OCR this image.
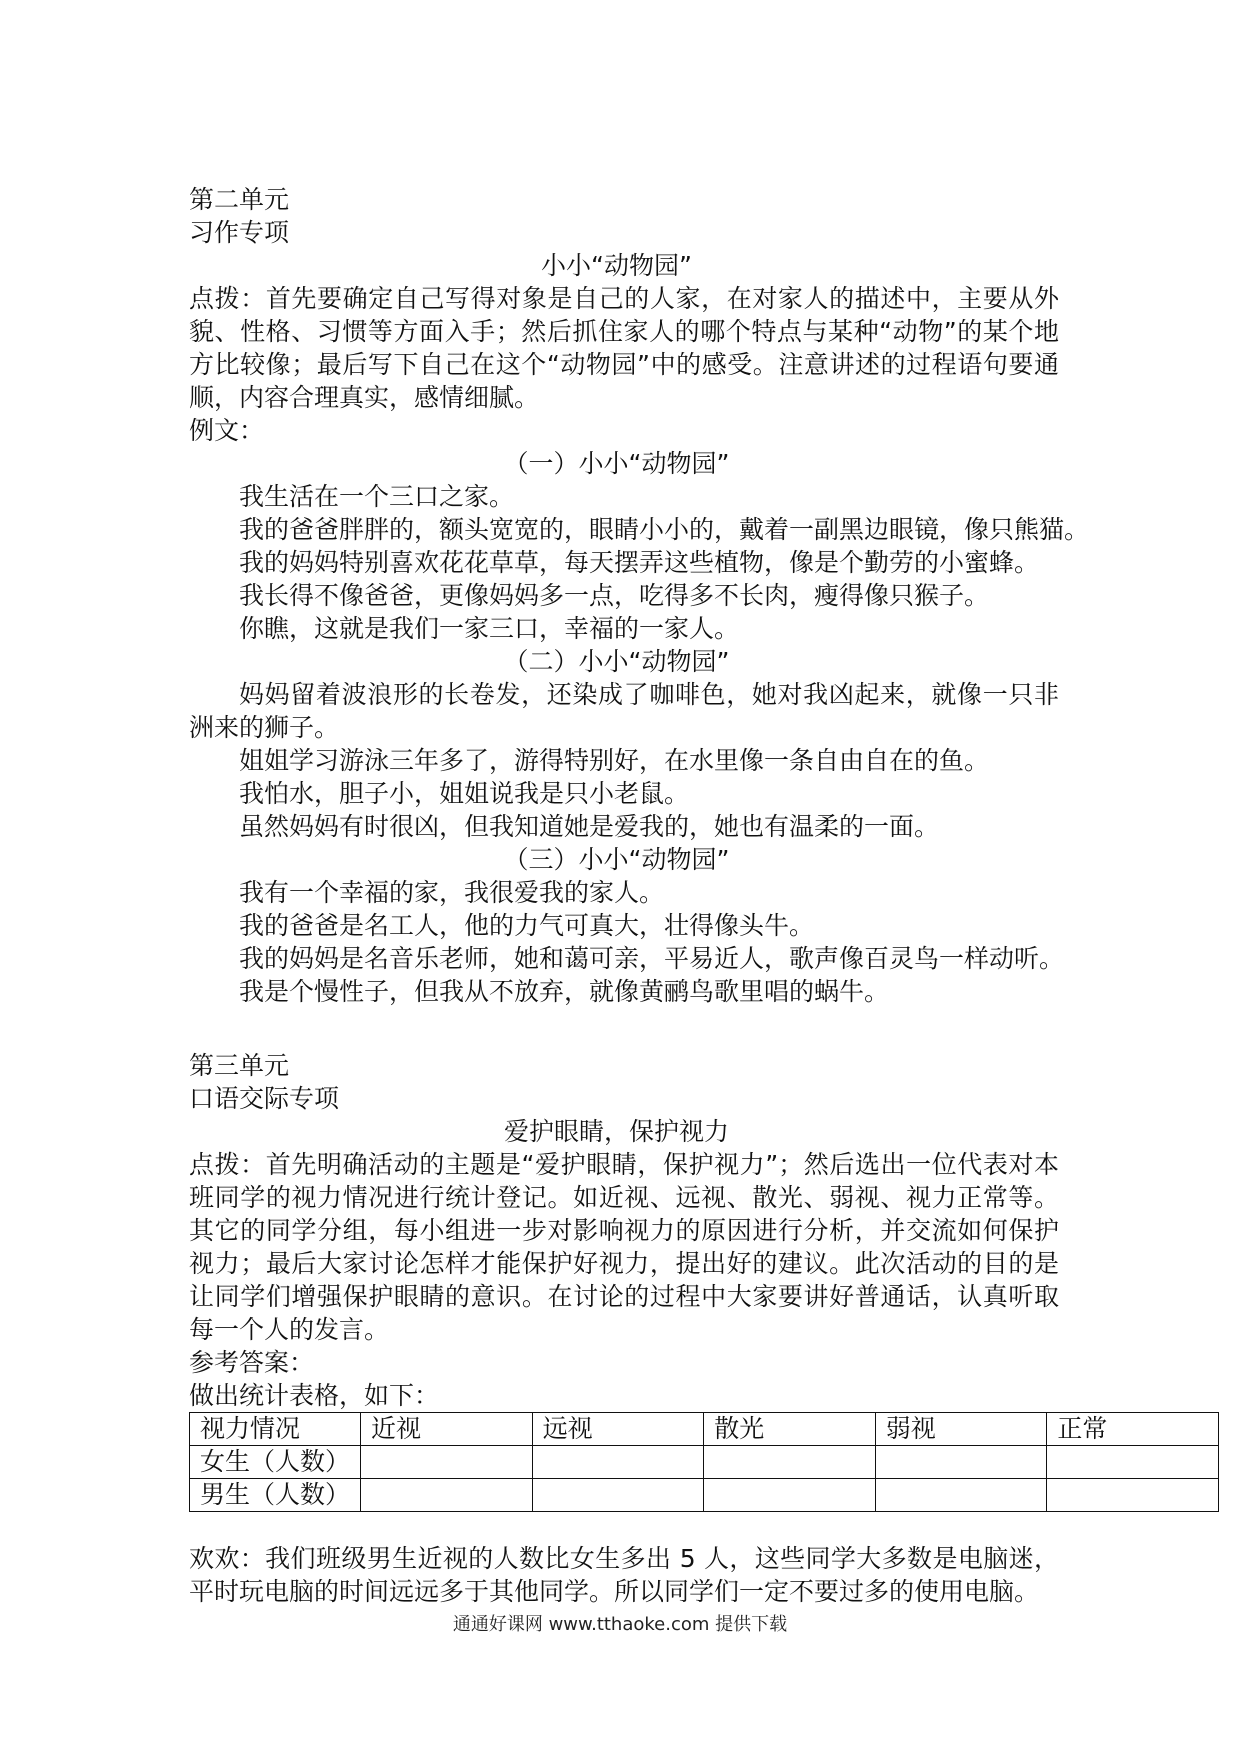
第二单元
习作专项
小小“动物园”
点拨：首先要确定自己写得对象是自己的人家，在对家人的描述中，主要从外貌、性格、习惯等方面入手；然后抓住家人的哪个特点与某种“动物”的某个地方比较像；最后写下自己在这个“动物园”中的感受。注意讲述的过程语句要通顺，内容合理真实，感情细腻。
例文：
（一）小小“动物园”
我生活在一个三口之家。
我的爸爸胖胖的，额头宽宽的，眼睛小小的，戴着一副黑边眼镜，像只熊猫。
我的妈妈特别喜欢花花草草，每天摆弄这些植物，像是个勤劳的小蜜蜂。
我长得不像爸爸，更像妈妈多一点，吃得多不长肉，瘦得像只猴子。
你瞧，这就是我们一家三口，幸福的一家人。
（二）小小“动物园”
妈妈留着波浪形的长卷发，还染成了咖啡色，她对我凶起来，就像一只非洲来的狮子。
姐姐学习游泳三年多了，游得特别好，在水里像一条自由自在的鱼。
我怕水，胆子小，姐姐说我是只小老鼠。
虽然妈妈有时很凶，但我知道她是爱我的，她也有温柔的一面。
（三）小小“动物园”
我有一个幸福的家，我很爱我的家人。
我的爸爸是名工人，他的力气可真大，壮得像头牛。
我的妈妈是名音乐老师，她和蔼可亲，平易近人，歌声像百灵鸟一样动听。
我是个慢性子，但我从不放弃，就像黄鹂鸟歌里唱的蜗牛。
第三单元
口语交际专项
爱护眼睛，保护视力
点拨：首先明确活动的主题是“爱护眼睛，保护视力”；然后选出一位代表对本班同学的视力情况进行统计登记。如近视、远视、散光、弱视、视力正常等。其它的同学分组，每小组进一步对影响视力的原因进行分析，并交流如何保护视力；最后大家讨论怎样才能保护好视力，提出好的建议。此次活动的目的是让同学们增强保护眼睛的意识。在讨论的过程中大家要讲好普通话，认真听取每一个人的发言。
参考答案：
做出统计表格，如下：
视力情况	近视	远视	散光	弱视	正常
女生（人数）					
男生（人数）					
欢欢：我们班级男生近视的人数比女生多出 5 人，这些同学大多数是电脑迷，平时玩电脑的时间远远多于其他同学。所以同学们一定不要过多的使用电脑。
通通好课网 www.tthaoke.com 提供下载
